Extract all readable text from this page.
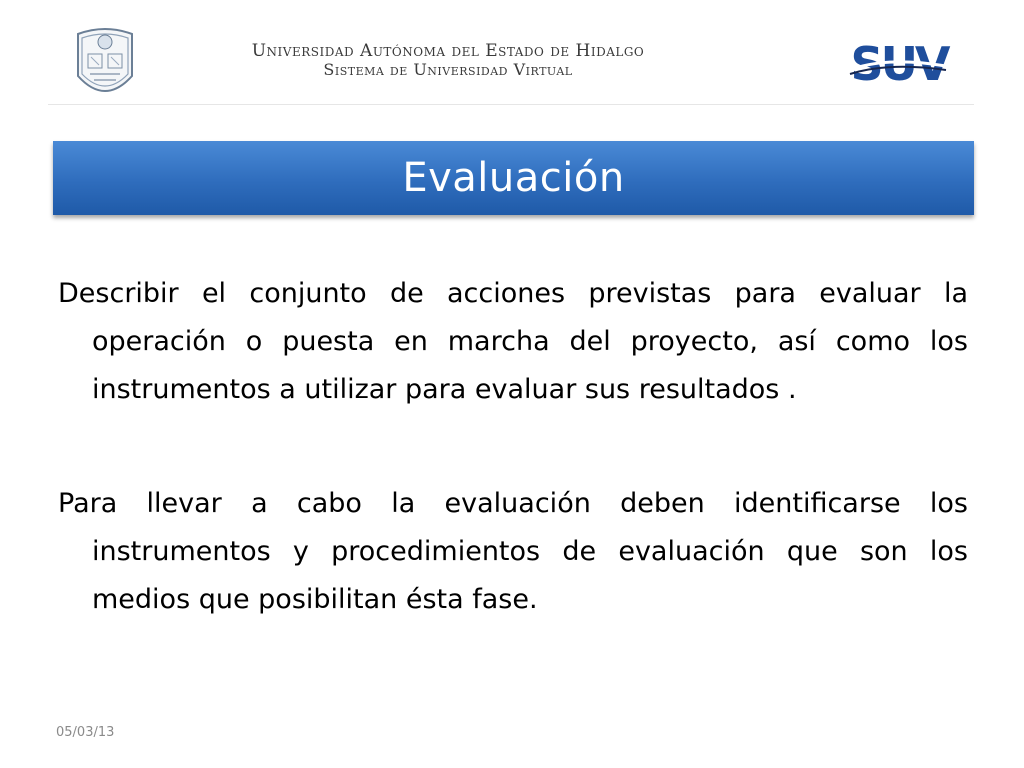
Universidad Autónoma del Estado de Hidalgo
Sistema de Universidad Virtual	SUV
Evaluación

Describir el conjunto de acciones previstas para evaluar la operación o puesta en marcha del proyecto, así como los instrumentos a utilizar para evaluar sus resultados .

Para llevar a cabo la evaluación deben identificarse los instrumentos y procedimientos de evaluación que son los medios que posibilitan ésta fase.

05/03/13
